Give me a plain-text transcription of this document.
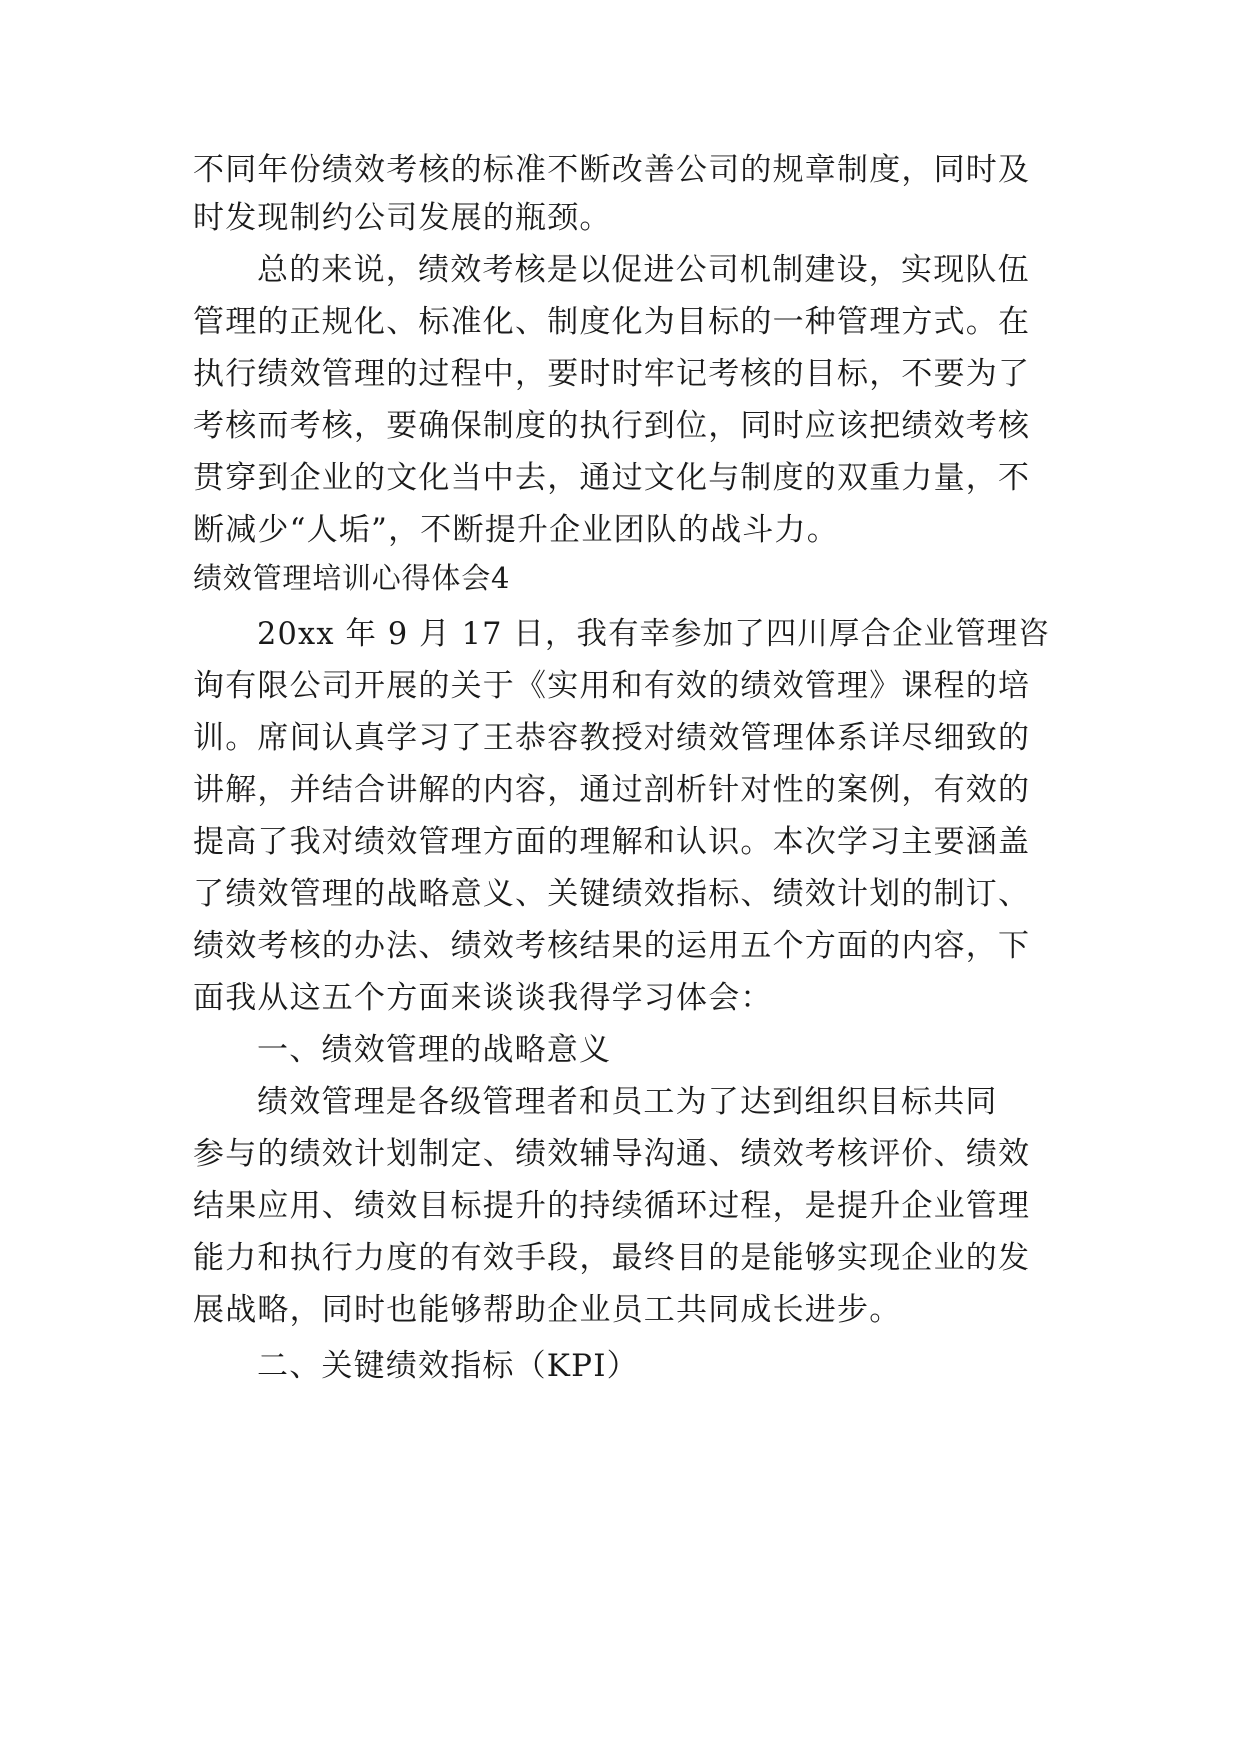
不同年份绩效考核的标准不断改善公司的规章制度，同时及
时发现制约公司发展的瓶颈。
总的来说，绩效考核是以促进公司机制建设，实现队伍
管理的正规化、标准化、制度化为目标的一种管理方式。在
执行绩效管理的过程中，要时时牢记考核的目标，不要为了
考核而考核，要确保制度的执行到位，同时应该把绩效考核
贯穿到企业的文化当中去，通过文化与制度的双重力量，不
断减少“人垢”，不断提升企业团队的战斗力。
绩效管理培训心得体会4
20xx 年 9 月 17 日，我有幸参加了四川厚合企业管理咨
询有限公司开展的关于《实用和有效的绩效管理》课程的培
训。席间认真学习了王恭容教授对绩效管理体系详尽细致的
讲解，并结合讲解的内容，通过剖析针对性的案例，有效的
提高了我对绩效管理方面的理解和认识。本次学习主要涵盖
了绩效管理的战略意义、关键绩效指标、绩效计划的制订、
绩效考核的办法、绩效考核结果的运用五个方面的内容，下
面我从这五个方面来谈谈我得学习体会：
一、绩效管理的战略意义
绩效管理是各级管理者和员工为了达到组织目标共同
参与的绩效计划制定、绩效辅导沟通、绩效考核评价、绩效
结果应用、绩效目标提升的持续循环过程，是提升企业管理
能力和执行力度的有效手段，最终目的是能够实现企业的发
展战略，同时也能够帮助企业员工共同成长进步。
二、关键绩效指标（KPI）
